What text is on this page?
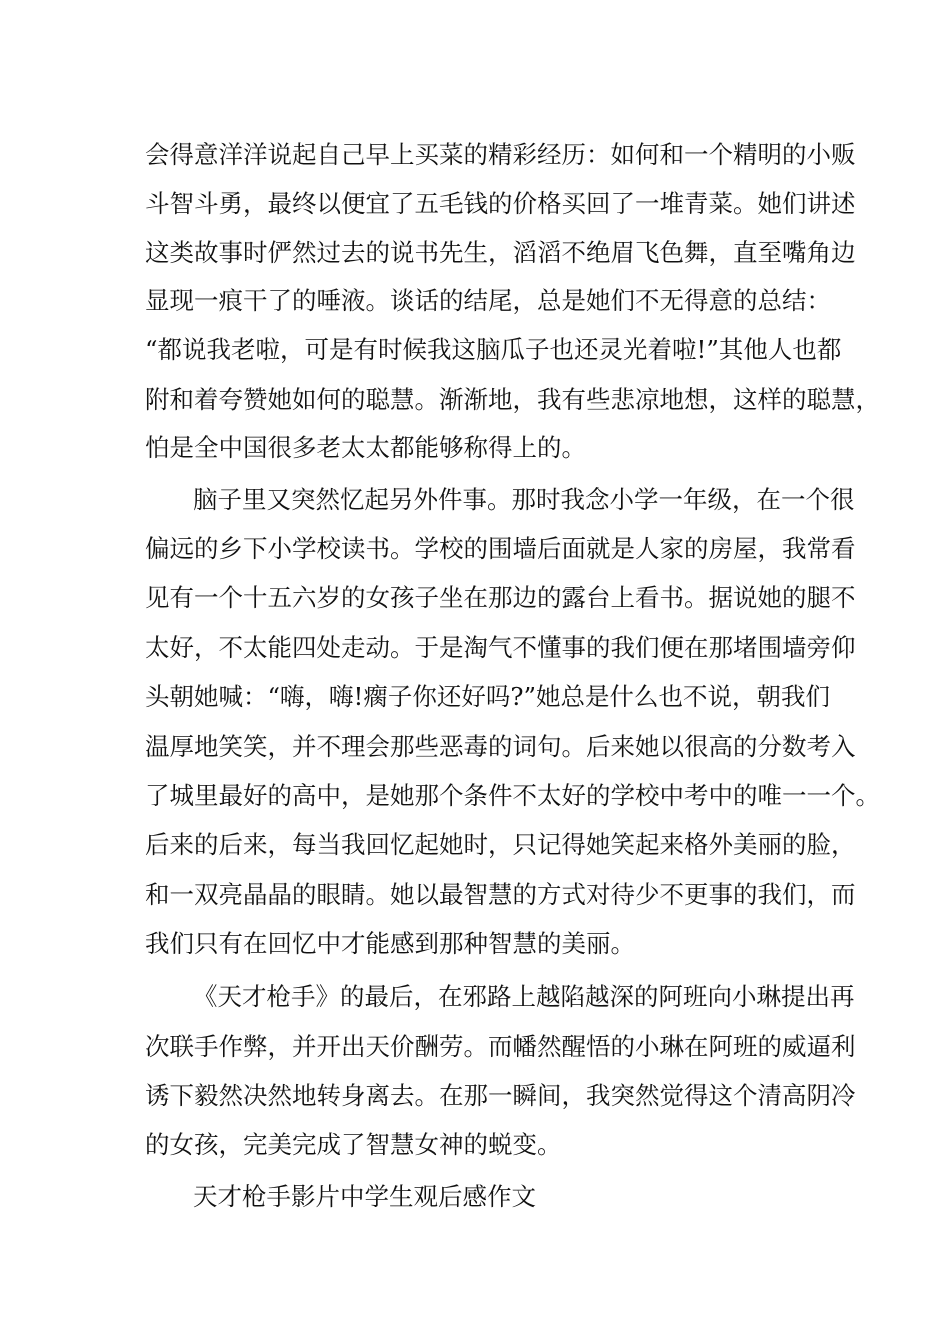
会得意洋洋说起自己早上买菜的精彩经历：如何和一个精明的小贩
斗智斗勇，最终以便宜了五毛钱的价格买回了一堆青菜。她们讲述
这类故事时俨然过去的说书先生，滔滔不绝眉飞色舞，直至嘴角边
显现一痕干了的唾液。谈话的结尾，总是她们不无得意的总结：
“都说我老啦，可是有时候我这脑瓜子也还灵光着啦!”其他人也都
附和着夸赞她如何的聪慧。渐渐地，我有些悲凉地想，这样的聪慧，
怕是全中国很多老太太都能够称得上的。
脑子里又突然忆起另外件事。那时我念小学一年级，在一个很
偏远的乡下小学校读书。学校的围墙后面就是人家的房屋，我常看
见有一个十五六岁的女孩子坐在那边的露台上看书。据说她的腿不
太好，不太能四处走动。于是淘气不懂事的我们便在那堵围墙旁仰
头朝她喊：“嗨，嗨!瘸子你还好吗?”她总是什么也不说，朝我们
温厚地笑笑，并不理会那些恶毒的词句。后来她以很高的分数考入
了城里最好的高中，是她那个条件不太好的学校中考中的唯一一个。
后来的后来，每当我回忆起她时，只记得她笑起来格外美丽的脸，
和一双亮晶晶的眼睛。她以最智慧的方式对待少不更事的我们，而
我们只有在回忆中才能感到那种智慧的美丽。
《天才枪手》的最后，在邪路上越陷越深的阿班向小琳提出再
次联手作弊，并开出天价酬劳。而幡然醒悟的小琳在阿班的威逼利
诱下毅然决然地转身离去。在那一瞬间，我突然觉得这个清高阴冷
的女孩，完美完成了智慧女神的蜕变。
天才枪手影片中学生观后感作文
